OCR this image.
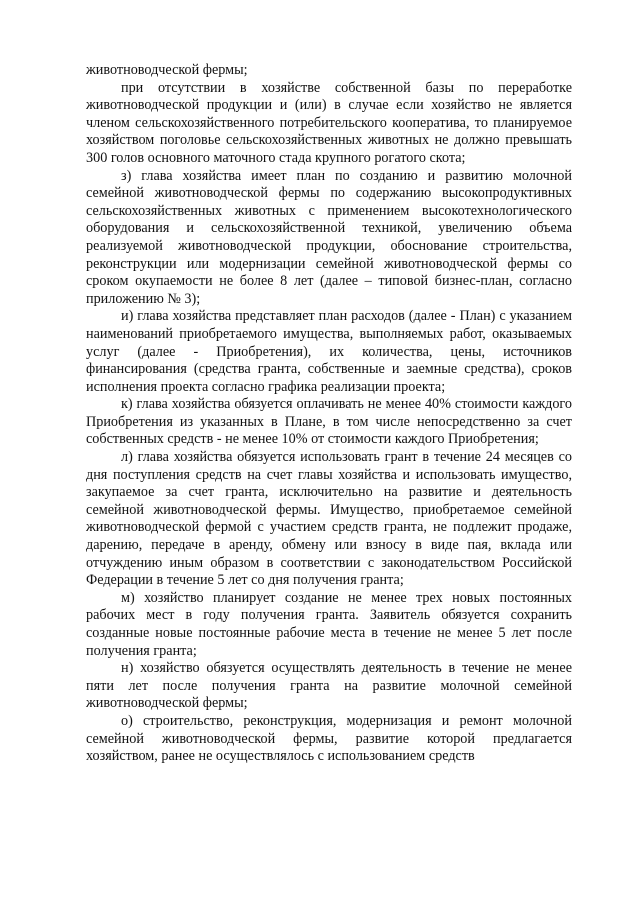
животноводческой фермы;

при отсутствии в хозяйстве собственной базы по переработке животноводческой продукции и (или) в случае если хозяйство не является членом сельскохозяйственного потребительского кооператива, то планируемое хозяйством поголовье сельскохозяйственных животных не должно превышать 300 голов основного маточного стада крупного рогатого скота;

з) глава хозяйства имеет план по созданию и развитию молочной семейной животноводческой фермы по содержанию высокопродуктивных сельскохозяйственных животных с применением высокотехнологического оборудования и сельскохозяйственной техникой, увеличению объема реализуемой животноводческой продукции, обоснование строительства, реконструкции или модернизации семейной животноводческой фермы со сроком окупаемости не более 8 лет (далее – типовой бизнес-план, согласно приложению № 3);

и) глава хозяйства представляет план расходов (далее - План) с указанием наименований приобретаемого имущества, выполняемых работ, оказываемых услуг (далее - Приобретения), их количества, цены, источников финансирования (средства гранта, собственные и заемные средства), сроков исполнения проекта согласно графика реализации проекта;

к) глава хозяйства обязуется оплачивать не менее 40% стоимости каждого Приобретения из указанных в Плане, в том числе непосредственно за счет собственных средств - не менее 10% от стоимости каждого Приобретения;

л) глава хозяйства обязуется использовать грант в течение 24 месяцев со дня поступления средств на счет главы хозяйства и использовать имущество, закупаемое за счет гранта, исключительно на развитие и деятельность семейной животноводческой фермы. Имущество, приобретаемое семейной животноводческой фермой с участием средств гранта, не подлежит продаже, дарению, передаче в аренду, обмену или взносу в виде пая, вклада или отчуждению иным образом в соответствии с законодательством Российской Федерации в течение 5 лет со дня получения гранта;

м) хозяйство планирует создание не менее трех новых постоянных рабочих мест в году получения гранта. Заявитель обязуется сохранить созданные новые постоянные рабочие места в течение не менее 5 лет после получения гранта;

н) хозяйство обязуется осуществлять деятельность в течение не менее пяти лет после получения гранта на развитие молочной семейной животноводческой фермы;

о) строительство, реконструкция, модернизация и ремонт молочной семейной животноводческой фермы, развитие которой предлагается хозяйством, ранее не осуществлялось с использованием средств
